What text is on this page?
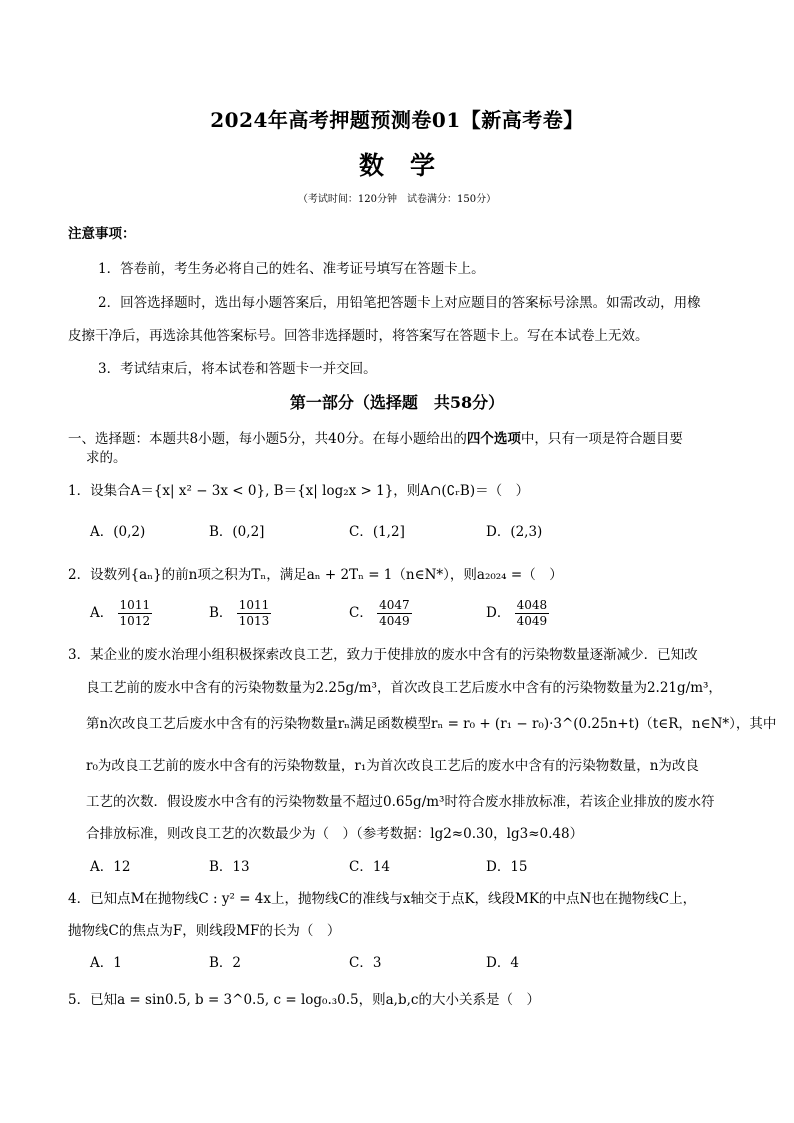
2024年高考押题预测卷01【新高考卷】
数学
（考试时间：120分钟　试卷满分：150分）
注意事项：
1．答卷前，考生务必将自己的姓名、准考证号填写在答题卡上。
2．回答选择题时，选出每小题答案后，用铅笔把答题卡上对应题目的答案标号涂黑。如需改动，用橡
皮擦干净后，再选涂其他答案标号。回答非选择题时，将答案写在答题卡上。写在本试卷上无效。
3．考试结束后，将本试卷和答题卡一并交回。
第一部分（选择题　共58分）
一、选择题：本题共8小题，每小题5分，共40分。在每小题给出的四个选项中，只有一项是符合题目要
求的。
1．设集合A＝{x| x² − 3x < 0}, B＝{x| log₂x > 1}，则A∩(∁ᵣB)＝（　）
A．(0,2)	B．(0,2]	C．(1,2]	D．(2,3)
2．设数列{aₙ}的前n项之积为Tₙ，满足aₙ + 2Tₙ = 1（n∈N*），则a₂₀₂₄ =（　）
A． $\frac{1011}{1012}$	B． $\frac{1011}{1013}$	C． $\frac{4047}{4049}$	D． $\frac{4048}{4049}$
3．某企业的废水治理小组积极探索改良工艺，致力于使排放的废水中含有的污染物数量逐渐减少．已知改
良工艺前的废水中含有的污染物数量为2.25g/m³，首次改良工艺后废水中含有的污染物数量为2.21g/m³，
第n次改良工艺后废水中含有的污染物数量rₙ满足函数模型rₙ = r₀ + (r₁ − r₀)·3^(0.25n+t)（t∈R，n∈N*），其中
r₀为改良工艺前的废水中含有的污染物数量，r₁为首次改良工艺后的废水中含有的污染物数量，n为改良
工艺的次数．假设废水中含有的污染物数量不超过0.65g/m³时符合废水排放标准，若该企业排放的废水符
合排放标准，则改良工艺的次数最少为（　）（参考数据：lg2≈0.30，lg3≈0.48）
A．12	B．13	C．14	D．15
4．已知点M在抛物线C : y² = 4x上，抛物线C的准线与x轴交于点K，线段MK的中点N也在抛物线C上，
抛物线C的焦点为F，则线段MF的长为（　）
A．1	B．2	C．3	D．4
5．已知a = sin0.5, b = 3^0.5, c = log₀.₃0.5，则a,b,c的大小关系是（　）
